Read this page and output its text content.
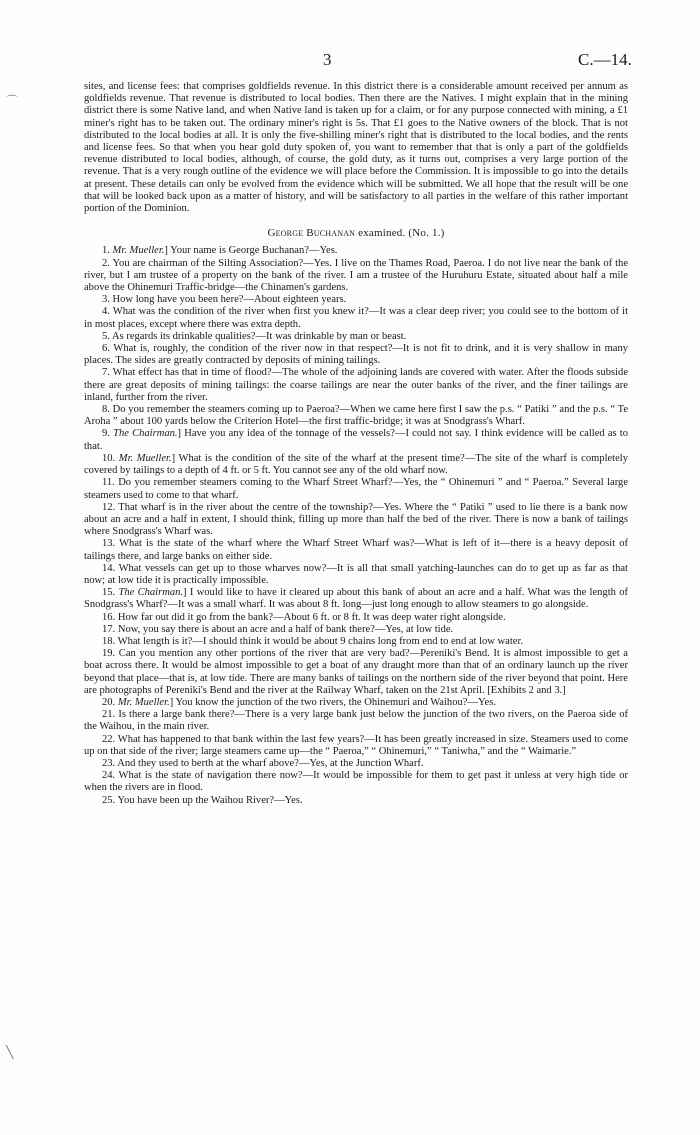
3	C.—14.
⌒
╲

sites, and license fees: that comprises goldfields revenue. In this district there is a considerable amount received per annum as goldfields revenue. That revenue is distributed to local bodies. Then there are the Natives. I might explain that in the mining district there is some Native land, and when Native land is taken up for a claim, or for any purpose connected with mining, a £1 miner's right has to be taken out. The ordinary miner's right is 5s. That £1 goes to the Native owners of the block. That is not distributed to the local bodies at all. It is only the five-shilling miner's right that is distributed to the local bodies, and the rents and license fees. So that when you hear gold duty spoken of, you want to remember that that is only a part of the goldfields revenue distributed to local bodies, although, of course, the gold duty, as it turns out, comprises a very large portion of the revenue. That is a very rough outline of the evidence we will place before the Commission. It is impossible to go into the details at present. These details can only be evolved from the evidence which will be submitted. We all hope that the result will be one that will be looked back upon as a matter of history, and will be satisfactory to all parties in the welfare of this rather important portion of the Dominion.

George Buchanan examined. (No. 1.)

1. Mr. Mueller.] Your name is George Buchanan?—Yes.

2. You are chairman of the Silting Association?—Yes. I live on the Thames Road, Paeroa. I do not live near the bank of the river, but I am trustee of a property on the bank of the river. I am a trustee of the Huruhuru Estate, situated about half a mile above the Ohinemuri Traffic-bridge—the Chinamen's gardens.

3. How long have you been here?—About eighteen years.

4. What was the condition of the river when first you knew it?—It was a clear deep river; you could see to the bottom of it in most places, except where there was extra depth.

5. As regards its drinkable qualities?—It was drinkable by man or beast.

6. What is, roughly, the condition of the river now in that respect?—It is not fit to drink, and it is very shallow in many places. The sides are greatly contracted by deposits of mining tailings.

7. What effect has that in time of flood?—The whole of the adjoining lands are covered with water. After the floods subside there are great deposits of mining tailings: the coarse tailings are near the outer banks of the river, and the finer tailings are inland, further from the river.

8. Do you remember the steamers coming up to Paeroa?—When we came here first I saw the p.s. “ Patiki ” and the p.s. “ Te Aroha ” about 100 yards below the Criterion Hotel—the first traffic-bridge; it was at Snodgrass's Wharf.

9. The Chairman.] Have you any idea of the tonnage of the vessels?—I could not say. I think evidence will be called as to that.

10. Mr. Mueller.] What is the condition of the site of the wharf at the present time?—The site of the wharf is completely covered by tailings to a depth of 4 ft. or 5 ft. You cannot see any of the old wharf now.

11. Do you remember steamers coming to the Wharf Street Wharf?—Yes, the “ Ohinemuri ” and “ Paeroa.” Several large steamers used to come to that wharf.

12. That wharf is in the river about the centre of the township?—Yes. Where the “ Patiki ” used to lie there is a bank now about an acre and a half in extent, I should think, filling up more than half the bed of the river. There is now a bank of tailings where Snodgrass's Wharf was.

13. What is the state of the wharf where the Wharf Street Wharf was?—What is left of it—there is a heavy deposit of tailings there, and large banks on either side.

14. What vessels can get up to those wharves now?—It is all that small yatching-launches can do to get up as far as that now; at low tide it is practically impossible.

15. The Chairman.] I would like to have it cleared up about this bank of about an acre and a half. What was the length of Snodgrass's Wharf?—It was a small wharf. It was about 8 ft. long—just long enough to allow steamers to go alongside.

16. How far out did it go from the bank?—About 6 ft. or 8 ft. It was deep water right alongside.

17. Now, you say there is about an acre and a half of bank there?—Yes, at low tide.

18. What length is it?—I should think it would be about 9 chains long from end to end at low water.

19. Can you mention any other portions of the river that are very bad?—Pereniki's Bend. It is almost impossible to get a boat across there. It would be almost impossible to get a boat of any draught more than that of an ordinary launch up the river beyond that place—that is, at low tide. There are many banks of tailings on the northern side of the river beyond that point. Here are photographs of Pereniki's Bend and the river at the Railway Wharf, taken on the 21st April. [Exhibits 2 and 3.]

20. Mr. Mueller.] You know the junction of the two rivers, the Ohinemuri and Waihou?—Yes.

21. Is there a large bank there?—There is a very large bank just below the junction of the two rivers, on the Paeroa side of the Waihou, in the main river.

22. What has happened to that bank within the last few years?—It has been greatly increased in size. Steamers used to come up on that side of the river; large steamers came up—the “ Paeroa,” “ Ohinemuri,” “ Taniwha,” and the “ Waimarie.”

23. And they used to berth at the wharf above?—Yes, at the Junction Wharf.

24. What is the state of navigation there now?—It would be impossible for them to get past it unless at very high tide or when the rivers are in flood.

25. You have been up the Waihou River?—Yes.
